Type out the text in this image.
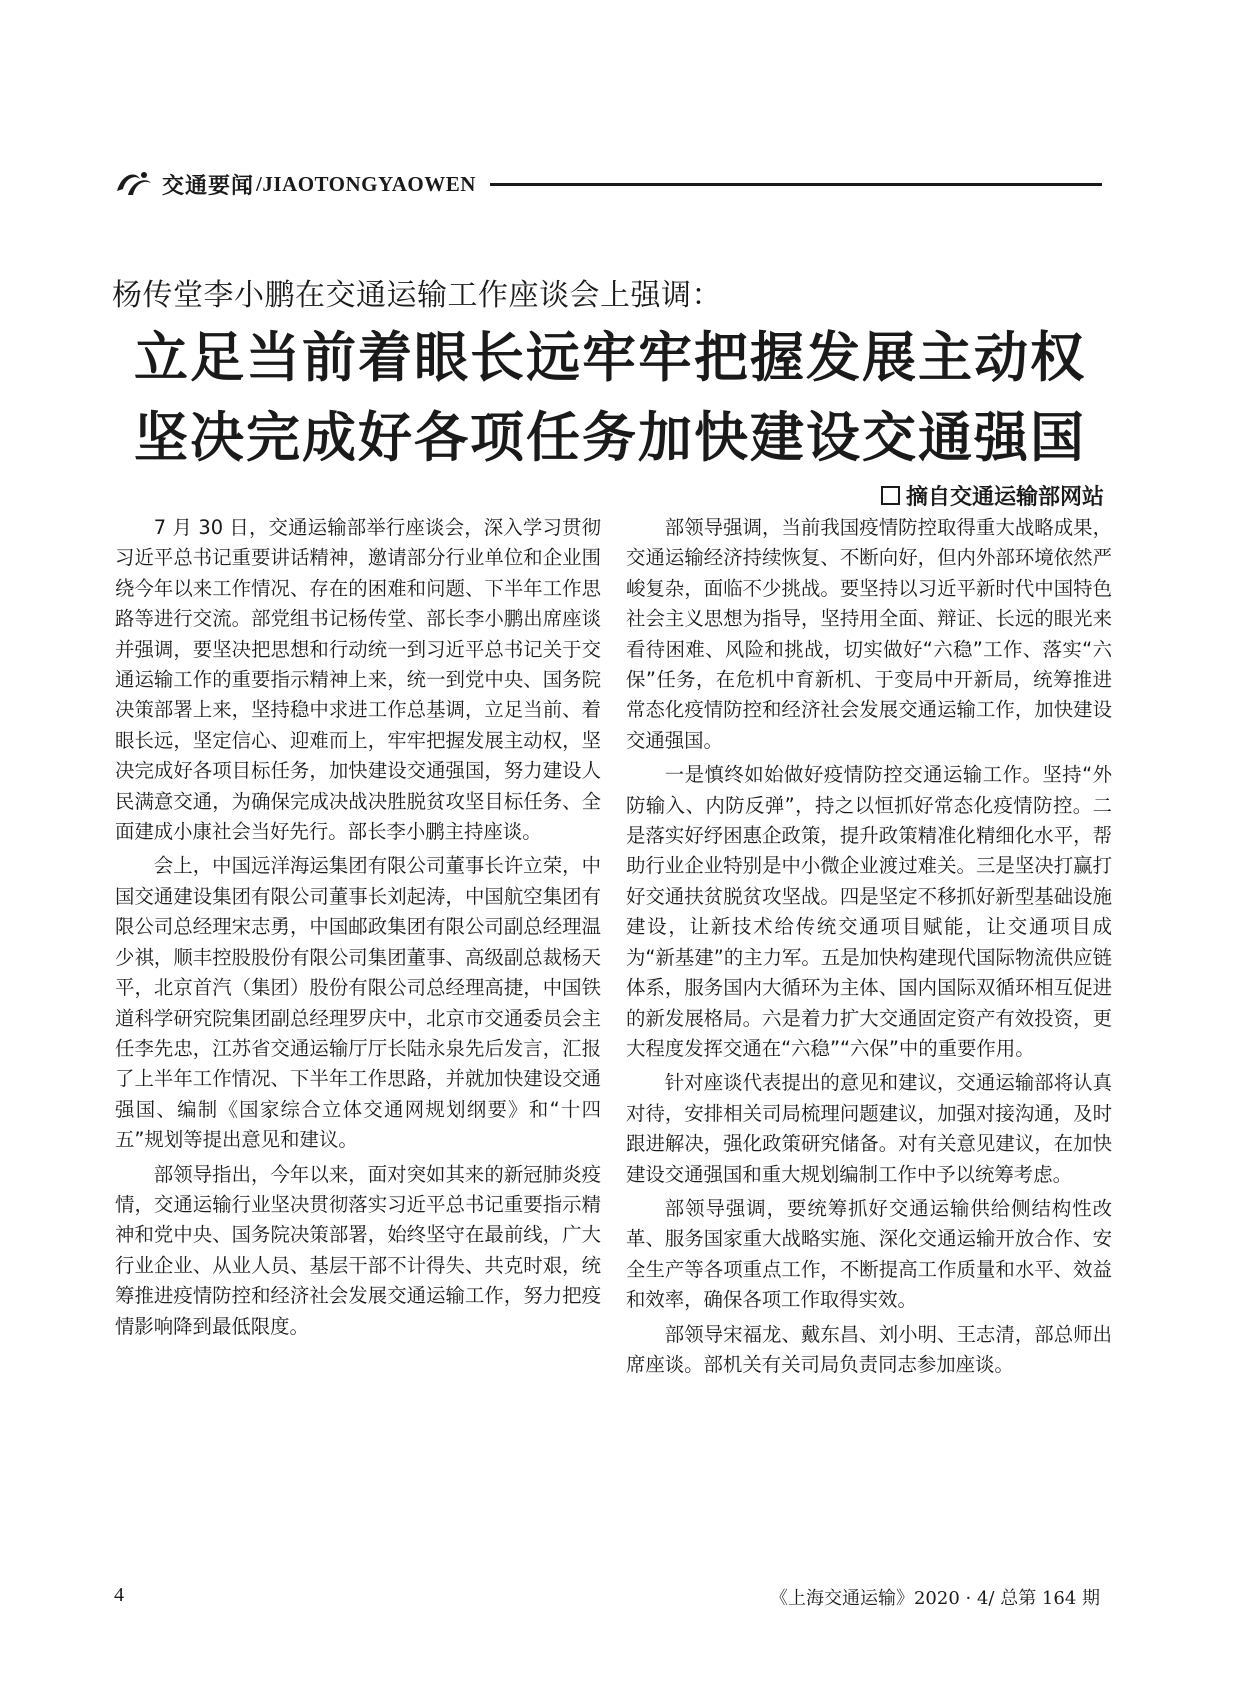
交通要闻 /JIAOTONGYAOWEN
杨传堂李小鹏在交通运输工作座谈会上强调：
立足当前着眼长远牢牢把握发展主动权
坚决完成好各项任务加快建设交通强国
摘自交通运输部网站

7 月 30 日，交通运输部举行座谈会，深入学习贯彻习近平总书记重要讲话精神，邀请部分行业单位和企业围绕今年以来工作情况、存在的困难和问题、下半年工作思路等进行交流。部党组书记杨传堂、部长李小鹏出席座谈并强调，要坚决把思想和行动统一到习近平总书记关于交通运输工作的重要指示精神上来，统一到党中央、国务院决策部署上来，坚持稳中求进工作总基调，立足当前、着眼长远，坚定信心、迎难而上，牢牢把握发展主动权，坚决完成好各项目标任务，加快建设交通强国，努力建设人民满意交通，为确保完成决战决胜脱贫攻坚目标任务、全面建成小康社会当好先行。部长李小鹏主持座谈。

会上，中国远洋海运集团有限公司董事长许立荣，中国交通建设集团有限公司董事长刘起涛，中国航空集团有限公司总经理宋志勇，中国邮政集团有限公司副总经理温少祺，顺丰控股股份有限公司集团董事、高级副总裁杨天平，北京首汽（集团）股份有限公司总经理高捷，中国铁道科学研究院集团副总经理罗庆中，北京市交通委员会主任李先忠，江苏省交通运输厅厅长陆永泉先后发言，汇报了上半年工作情况、下半年工作思路，并就加快建设交通强国、编制《国家综合立体交通网规划纲要》和“十四五”规划等提出意见和建议。

部领导指出，今年以来，面对突如其来的新冠肺炎疫情，交通运输行业坚决贯彻落实习近平总书记重要指示精神和党中央、国务院决策部署，始终坚守在最前线，广大行业企业、从业人员、基层干部不计得失、共克时艰，统筹推进疫情防控和经济社会发展交通运输工作，努力把疫情影响降到最低限度。

部领导强调，当前我国疫情防控取得重大战略成果，交通运输经济持续恢复、不断向好，但内外部环境依然严峻复杂，面临不少挑战。要坚持以习近平新时代中国特色社会主义思想为指导，坚持用全面、辩证、长远的眼光来看待困难、风险和挑战，切实做好“六稳”工作、落实“六保”任务，在危机中育新机、于变局中开新局，统筹推进常态化疫情防控和经济社会发展交通运输工作，加快建设交通强国。

一是慎终如始做好疫情防控交通运输工作。坚持“外防输入、内防反弹”，持之以恒抓好常态化疫情防控。二是落实好纾困惠企政策，提升政策精准化精细化水平，帮助行业企业特别是中小微企业渡过难关。三是坚决打赢打好交通扶贫脱贫攻坚战。四是坚定不移抓好新型基础设施建设，让新技术给传统交通项目赋能，让交通项目成为“新基建”的主力军。五是加快构建现代国际物流供应链体系，服务国内大循环为主体、国内国际双循环相互促进的新发展格局。六是着力扩大交通固定资产有效投资，更大程度发挥交通在“六稳”“六保”中的重要作用。

针对座谈代表提出的意见和建议，交通运输部将认真对待，安排相关司局梳理问题建议，加强对接沟通，及时跟进解决，强化政策研究储备。对有关意见建议，在加快建设交通强国和重大规划编制工作中予以统筹考虑。

部领导强调，要统筹抓好交通运输供给侧结构性改革、服务国家重大战略实施、深化交通运输开放合作、安全生产等各项重点工作，不断提高工作质量和水平、效益和效率，确保各项工作取得实效。

部领导宋福龙、戴东昌、刘小明、王志清，部总师出席座谈。部机关有关司局负责同志参加座谈。

4	《上海交通运输》2020 · 4/ 总第 164 期
